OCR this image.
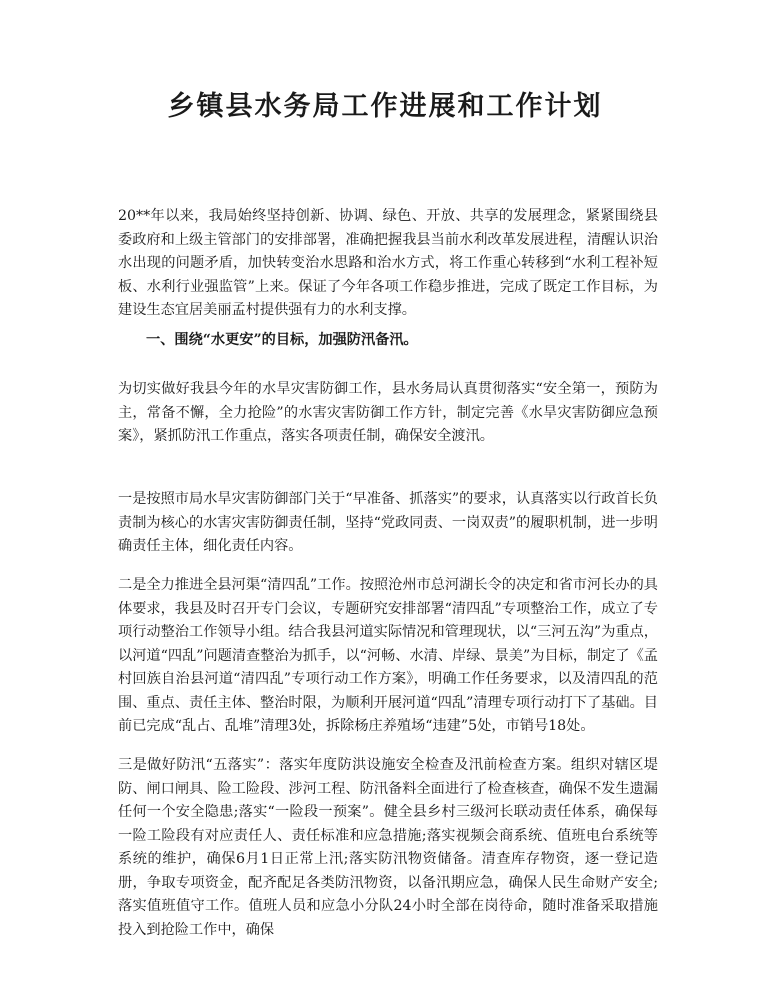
乡镇县水务局工作进展和工作计划

20**年以来，我局始终坚持创新、协调、绿色、开放、共享的发展理念，紧紧围绕县委政府和上级主管部门的安排部署，准确把握我县当前水利改革发展进程，清醒认识治水出现的问题矛盾，加快转变治水思路和治水方式，将工作重心转移到“水利工程补短板、水利行业强监管”上来。保证了今年各项工作稳步推进，完成了既定工作目标，为建设生态宜居美丽孟村提供强有力的水利支撑。

一、围绕“水更安”的目标，加强防汛备汛。

为切实做好我县今年的水旱灾害防御工作，县水务局认真贯彻落实“安全第一，预防为主，常备不懈，全力抢险”的水害灾害防御工作方针，制定完善《水旱灾害防御应急预案》，紧抓防汛工作重点，落实各项责任制，确保安全渡汛。

一是按照市局水旱灾害防御部门关于“早准备、抓落实”的要求，认真落实以行政首长负责制为核心的水害灾害防御责任制，坚持“党政同责、一岗双责”的履职机制，进一步明确责任主体，细化责任内容。

二是全力推进全县河渠“清四乱”工作。按照沧州市总河湖长令的决定和省市河长办的具体要求，我县及时召开专门会议，专题研究安排部署“清四乱”专项整治工作，成立了专项行动整治工作领导小组。结合我县河道实际情况和管理现状，以“三河五沟”为重点，以河道“四乱”问题清查整治为抓手，以“河畅、水清、岸绿、景美”为目标，制定了《孟村回族自治县河道“清四乱”专项行动工作方案》，明确工作任务要求，以及清四乱的范围、重点、责任主体、整治时限，为顺利开展河道“四乱”清理专项行动打下了基础。目前已完成“乱占、乱堆”清理3处，拆除杨庄养殖场“违建”5处，市销号18处。

三是做好防汛“五落实”：落实年度防洪设施安全检查及汛前检查方案。组织对辖区堤防、闸口闸具、险工险段、涉河工程、防汛备料全面进行了检查核查，确保不发生遗漏任何一个安全隐患;落实“一险段一预案”。健全县乡村三级河长联动责任体系，确保每一险工险段有对应责任人、责任标准和应急措施;落实视频会商系统、值班电台系统等系统的维护，确保6月1日正常上汛;落实防汛物资储备。清查库存物资，逐一登记造册，争取专项资金，配齐配足各类防汛物资，以备汛期应急，确保人民生命财产安全;落实值班值守工作。值班人员和应急小分队24小时全部在岗待命，随时准备采取措施投入到抢险工作中，确保
